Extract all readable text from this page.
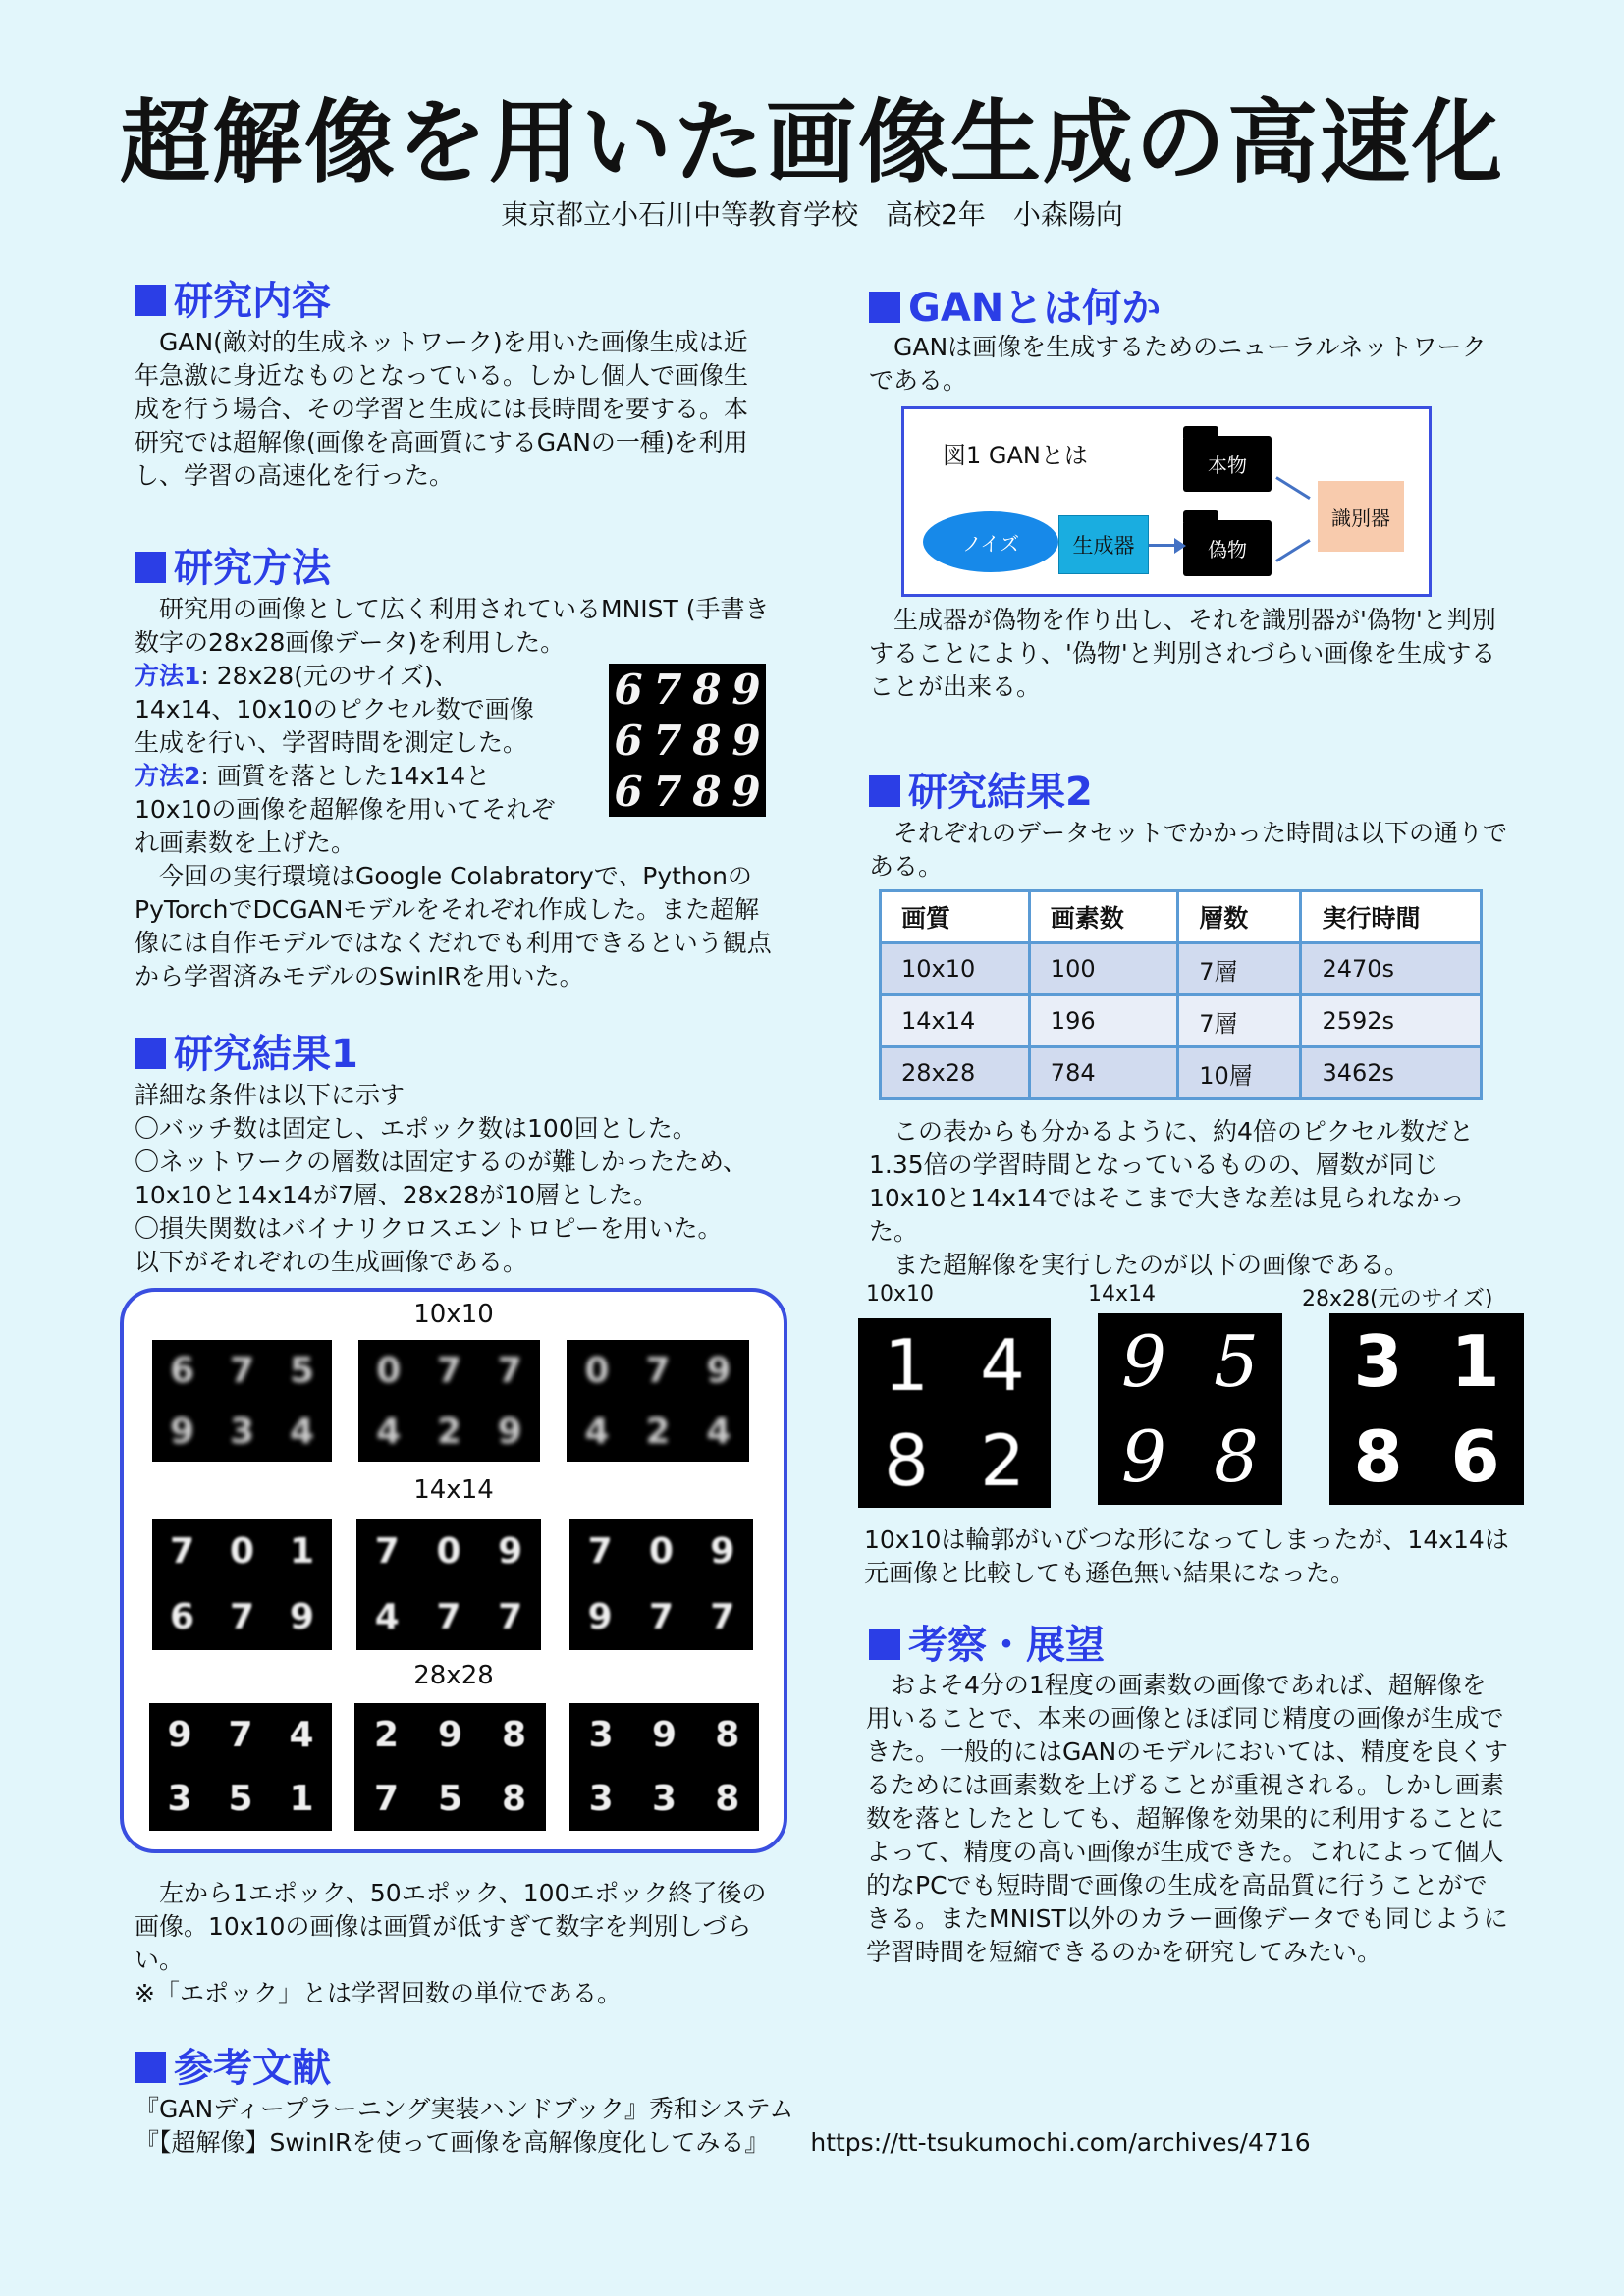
超解像を用いた画像生成の高速化
東京都立小石川中等教育学校　高校2年　小森陽向
研究内容

GAN(敵対的生成ネットワーク)を用いた画像生成は近年急激に身近なものとなっている。しかし個人で画像生成を行う場合、その学習と生成には長時間を要する。本研究では超解像(画像を高画質にするGANの一種)を利用し、学習の高速化を行った。

研究方法

研究用の画像として広く利用されているMNIST (手書き数字の28x28画像データ)を利用した。

方法1: 28x28(元のサイズ)、14x14、10x10のピクセル数で画像生成を行い、学習時間を測定した。

方法2: 画質を落とした14x14と10x10の画像を超解像を用いてそれぞれ画素数を上げた。

6 7 8 9
6 7 8 9
6 7 8 9

今回の実行環境はGoogle Colabratoryで、PythonのPyTorchでDCGANモデルをそれぞれ作成した。また超解像には自作モデルではなくだれでも利用できるという観点から学習済みモデルのSwinIRを用いた。

研究結果1

詳細な条件は以下に示す

〇バッチ数は固定し、エポック数は100回とした。

〇ネットワークの層数は固定するのが難しかったため、10x10と14x14が7層、28x28が10層とした。

〇損失関数はバイナリクロスエントロピーを用いた。

以下がそれぞれの生成画像である。

10x10
14x14
28x28
6 7 5
9 3 4
0 7 7
4 2 9
0 7 9
4 2 4
7 0 1
6 7 9
7 0 9
4 7 7
7 0 9
9 7 7
9 7 4
3 5 1
2 9 8
7 5 8
3 9 8
3 3 8

左から1エポック、50エポック、100エポック終了後の画像。10x10の画像は画質が低すぎて数字を判別しづらい。

※「エポック」とは学習回数の単位である。

参考文献

『GANディープラーニング実装ハンドブック』秀和システム

『【超解像】SwinIRを使って画像を高解像度化してみる』 https://tt-tsukumochi.com/archives/4716

GANとは何か

GANは画像を生成するためのニューラルネットワークである。

図1 GANとは
ノイズ	生成器
本物
偽物
識別器

生成器が偽物を作り出し、それを識別器が'偽物'と判別することにより、'偽物'と判別されづらい画像を生成することが出来る。

研究結果2

それぞれのデータセットでかかった時間は以下の通りである。

画質	画素数	層数	実行時間
10x10	100	7層	2470s
14x14	196	7層	2592s
28x28	784	10層	3462s

この表からも分かるように、約4倍のピクセル数だと1.35倍の学習時間となっているものの、層数が同じ10x10と14x14ではそこまで大きな差は見られなかった。

また超解像を実行したのが以下の画像である。

10x10	14x14	28x28(元のサイズ)
1 4
8 2
9 5
9 8
3 1
8 6

10x10は輪郭がいびつな形になってしまったが、14x14は元画像と比較しても遜色無い結果になった。

考察・展望

およそ4分の1程度の画素数の画像であれば、超解像を用いることで、本来の画像とほぼ同じ精度の画像が生成できた。一般的にはGANのモデルにおいては、精度を良くするためには画素数を上げることが重視される。しかし画素数を落としたとしても、超解像を効果的に利用することによって、精度の高い画像が生成できた。これによって個人的なPCでも短時間で画像の生成を高品質に行うことができる。またMNIST以外のカラー画像データでも同じように学習時間を短縮できるのかを研究してみたい。
